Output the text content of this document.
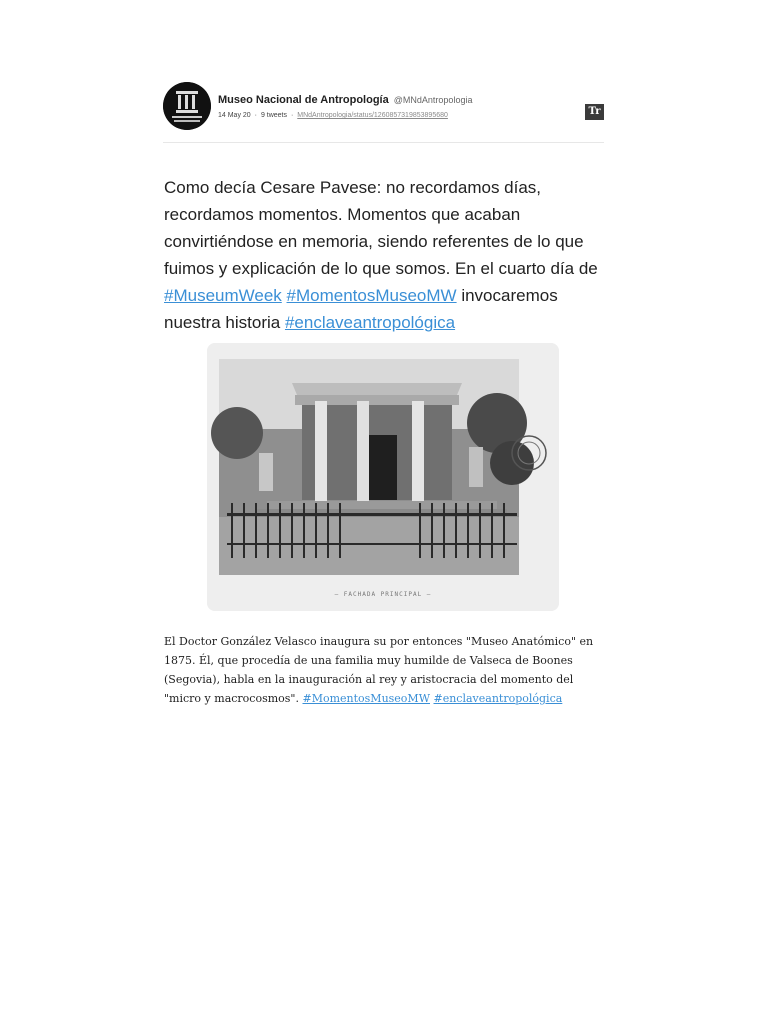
Museo Nacional de Antropología @MNdAntropologia
14 May 20 · 9 tweets · MNdAntropologia/status/1260857319853895680	Tr
Como decía Cesare Pavese: no recordamos días, recordamos momentos. Momentos que acaban convirtiéndose en memoria, siendo referentes de lo que fuimos y explicación de lo que somos. En el cuarto día de #MuseumWeek #MomentosMuseoMW invocaremos nuestra historia #enclaveantropológica
— FACHADA PRINCIPAL —
El Doctor González Velasco inaugura su por entonces "Museo Anatómico" en 1875. Él, que procedía de una familia muy humilde de Valseca de Boones (Segovia), habla en la inauguración al rey y aristocracia del momento del "micro y macrocosmos". #MomentosMuseoMW #enclaveantropológica
